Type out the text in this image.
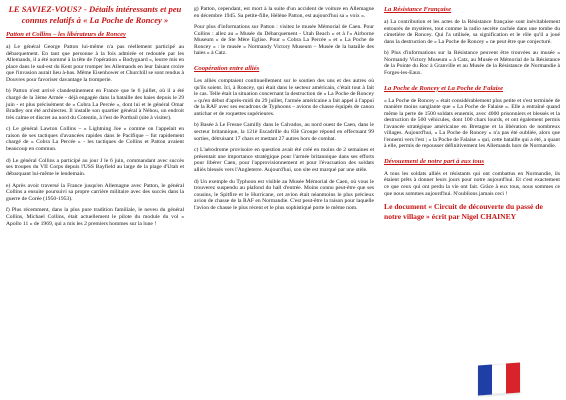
LE SAVIEZ-VOUS? - Détails intéressants et peu connus relatifs à « La Poche de Roncey »
Patton et Collins – les libérateurs de Roncey

a) Le général George Patton lui-même n'a pas réellement participé au débarquement. En tant que personne à la fois admirée et redoutée par les Allemands, il a été nommé à la tête de l'opération « Bodyguard », leurre mis en place dans le sud-est du Kent pour tromper les Allemands en leur faisant croire que l'invasion aurait lieu à-bas. Même Eisenhower et Churchill se sont rendus à Douvres pour favoriser davantage la tromperie.

b) Patton n'est arrivé clandestinement en France que le 6 juillet, où il a été chargé de la 3ème Armée - déjà engagée dans la bataille des haies depuis le 29 juin - et plus précisément de « Cobra La Percée », dont lui et le général Omar Bradley ont été architectes. Il installe son quartier général à Néhou, un endroit très calme et discret au nord du Cotentin, à l'est de Portbail (site à visiter).

c) Le général Lawton Collins – « Lightning Joe » comme on l'appelait en raison de ses tactiques d'avancées rapides dans le Pacifique – fut rapidement chargé de « Cobra La Percée » - les tactiques de Collins et Patton avaient beaucoup en commun.

d) Le général Collins a participé au jour J le 6 juin, commandant avec succès ses troupes du VII Corps depuis l'USS Bayfield au large de la plage d'Utah et débarquant lui-même le lendemain.

e) Après avoir traversé la France jusqu'en Allemagne avec Patton, le général Collins a ensuite poursuivi sa propre carrière militaire avec des succès dans la guerre de Corée (1950-1953).

f) Plus récemment, dans la plus pure tradition familiale, le neveu du général Collins, Michael Collins, était actuellement le pilote du module du vol « Apollo 11 » de 1969, qui a mis les 2 premiers hommes sur la lune !

g) Patton, cependant, est mort à la suite d'un accident de voiture en Allemagne en décembre 1945. Sa petite-fille, Hélène Patton, est aujourd'hui sa « voix ».

Pour plus d'informations sur Patton : visitez le musée Mémorial de Caen. Pour Collins : allez au « Musée du Débarquement - Utah Beach » et à l'« Airborne Museum » de Ste Mère Eglise. Pour « Cobra La Percée » et « La Poche de Roncey » : le musée « Normandy Victory Museum – Musée de la bataille des haies » à Catz.

Coopération entre alliés

Les alliés comptaient continuellement sur le soutien des uns et des autres où qu'ils soient. Ici, à Roncey, qui était dans le secteur américain, c'était tout à fait le cas. Telle était la situation concernant la destruction de « La Poche de Roncey » qu'en début d'après-midi du 29 juillet, l'armée américaine a fait appel à l'appui de la RAF avec ses escadrons de Typhoons – avions de chasse équipés de canon antichar et de roquettes supérieures.

b) Basée à Le Fresne Camilly dans le Calvados, au nord ouest de Caen, dans le secteur britannique, la 121è Escadrille du 83è Groupe répond en effectuant 99 sorties, détruisant 17 chars et mettant 27 autres hors de combat.

c) L'aérodrome provisoire en question avait été créé en moins de 2 semaines et présentait une importance stratégique pour l'armée britannique dans ses efforts pour libérer Caen, pour l'approvisionnement et pour l'évacuation des soldats alliés blessés vers l'Angleterre. Aujourd'hui, son site est marqué par une stèle.

d) Un exemple du Typhoon est visible au Musée Mémorial de Caen, où vous le trouverez suspendu au plafond du hall d'entrée. Moins connu peut-être que ses cousins, le Spitfire et le Hurricane, cet avion était néanmoins le plus précieux avion de chasse de la RAF en Normandie. C'est peut-être la raison pour laquelle l'avion de chasse le plus récent et le plus sophistiqué porte le même nom.

La Résistance Française

a) La contribution et les actes de la Résistance française sont inévitablement entourés de mystères, tout comme la radio secrète cachée dans une tombe du cimetière de Roncey. Qui l'a utilisée, sa signification et le rôle qu'il a joué dans la destruction de « La Poche de Roncey » ne peut être que conjecturé.

b) Plus d'informations sur la Résistance peuvent être trouvées au musée « Normandy Victory Museum » à Catz, au Musée et Mémorial de la Résistance de la Pointe du Roc à Granville et au Musée de la Résistance de Normandie à Forges-les-Eaux.

La Poche de Roncey et La Poche de Falaise

« La Poche de Roncey » était considérablement plus petite et s'est terminée de manière moins sanglante que « La Poche de Falaise ». Elle a entraîné quand même la perte de 1500 soldats ennemis, avec 4000 prisonniers et blessés et la destruction de 500 véhicules, dont 100 chars lourds, et ont également permis l'avancée stratégique américaine en Bretagne et la libération de nombreux villages. Aujourd'hui, « La Poche de Roncey » n'a pas été oubliée, alors que l'ennemi vers l'est ; « la Poche de Falaise » qui, cette bataille qui a été, a quant à elle, permis de repousser définitivement les Allemands hors de Normandie.

Dévouement de notre part à eux tous

A tous les soldats alliés et résistants qui ont combattus en Normandie, ils étaient prêts à donner leurs jours pour notre aujourd'hui. Et c'est exactement ce que ceux qui ont perdu la vie ont fait. Grâce à eux tous, nous sommes ce que nous sommes aujourd'hui. N'oublions jamais ceci !

Le document « Circuit de découverte du passé de notre village » écrit par Nigel CHAINEY
